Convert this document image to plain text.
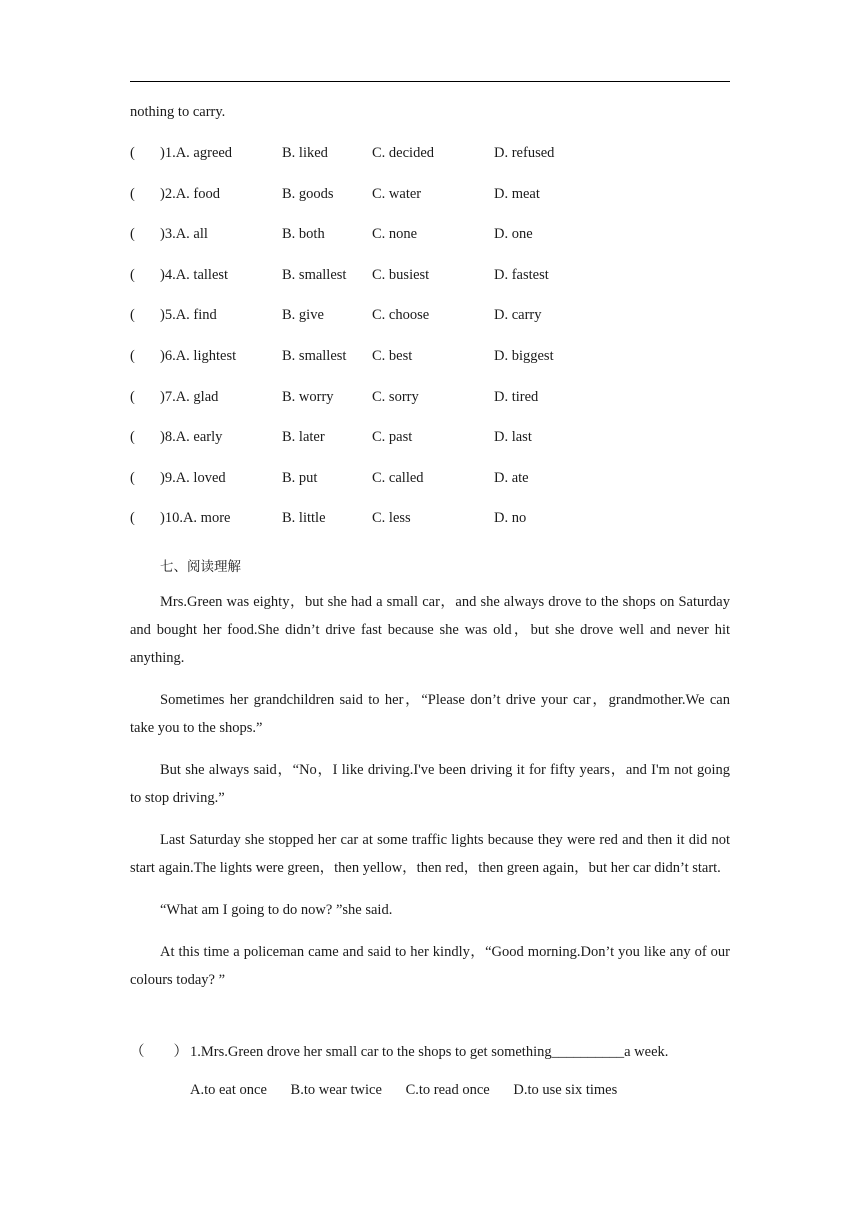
nothing to carry.
( )1.A. agreed	B. liked	C. decided	D. refused
( )2.A. food	B. goods	C. water	D. meat
( )3.A. all	B. both	C. none	D. one
( )4.A. tallest	B. smallest C. busiest	D. fastest
( )5.A. find	B. give	C. choose	D. carry
( )6.A. lightest	B. smallest C. best	D. biggest
( )7.A. glad	B. worry	C. sorry	D. tired
( )8.A. early	B. later	C. past	D. last
( )9.A. loved	B. put	C. called	D. ate
( )10.A. more	B. little	C. less	D. no
七、阅读理解

Mrs.Green was eighty，but she had a small car，and she always drove to the shops on Saturday and bought her food.She didn’t drive fast because she was old，but she drove well and never hit anything.

Sometimes her grandchildren said to her，“Please don’t drive your car，grandmother.We can take you to the shops.”

But she always said，“No，I like driving.I've been driving it for fifty years，and I'm not going to stop driving.”

Last Saturday she stopped her car at some traffic lights because they were red and then it did not start again.The lights were green，then yellow，then red，then green again，but her car didn’t start.

“What am I going to do now? ”she said.

At this time a policeman came and said to her kindly，“Good morning.Don’t you like any of our colours today? ”

（　　） 1.Mrs.Green drove her small car to the shops to get something__________a week.
A.to eat once B.to wear twice C.to read once D.to use six times
